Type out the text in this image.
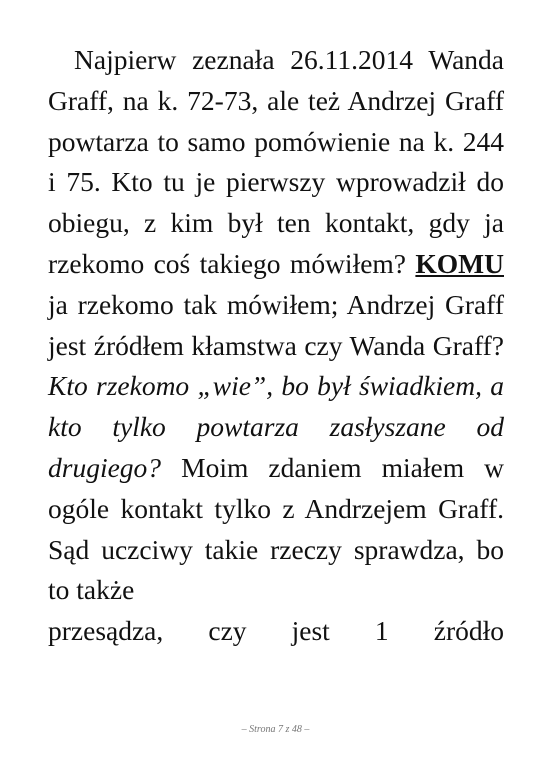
Najpierw zeznała 26.11.2014 Wanda Graff, na k. 72-73, ale też Andrzej Graff powtarza to samo pomówienie na k. 244 i 75. Kto tu je pierwszy wprowadził do obiegu, z kim był ten kontakt, gdy ja rzekomo coś takiego mówiłem? KOMU ja rzekomo tak mówiłem; Andrzej Graff jest źródłem kłamstwa czy Wanda Graff? Kto rzekomo „wie”, bo był świadkiem, a kto tylko powtarza zasłyszane od drugiego? Moim zdaniem miałem w ogóle kontakt tylko z Andrzejem Graff. Sąd uczciwy takie rzeczy sprawdza, bo to także
przesądza, czy jest 1 źródło

– Strona 7 z 48 –
